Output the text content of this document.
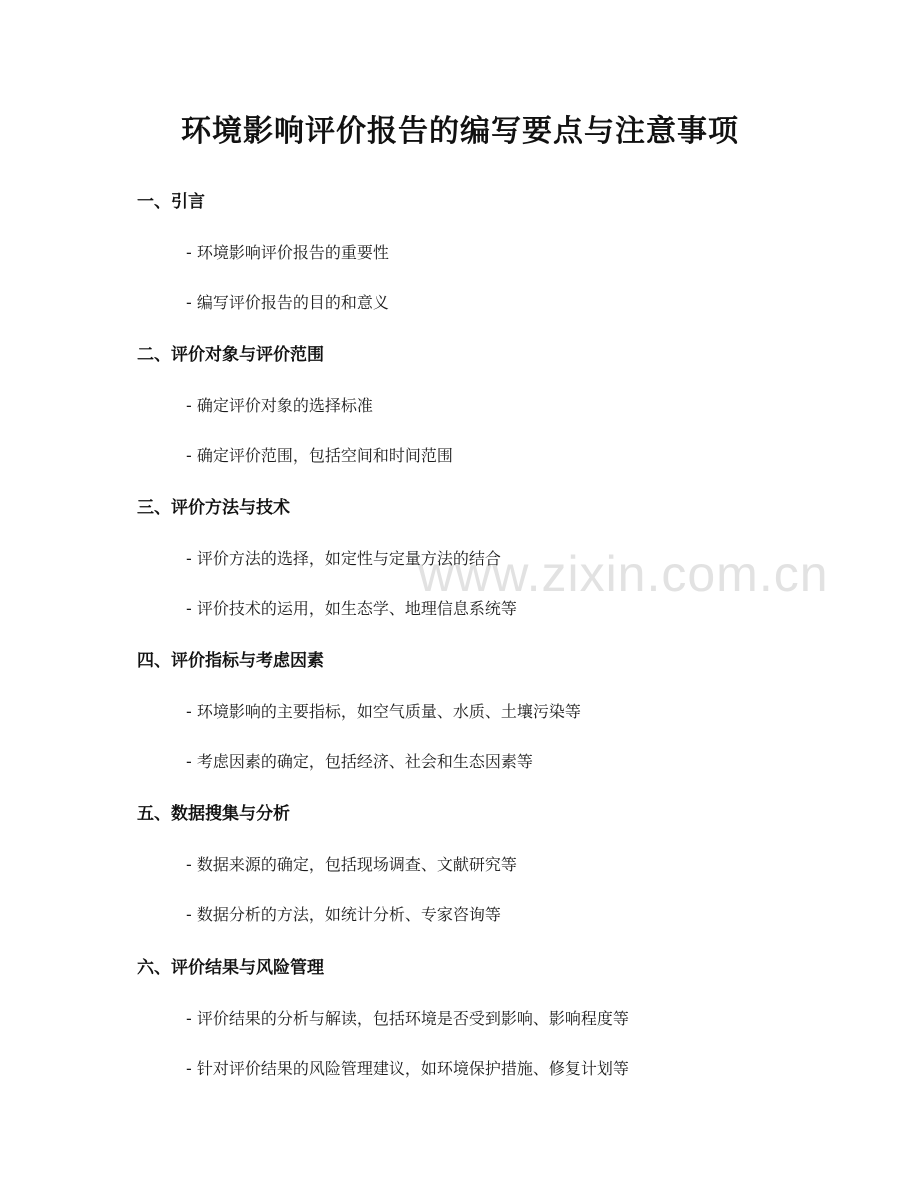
环境影响评价报告的编写要点与注意事项
www.zixin.com.cn
一、引言
- 环境影响评价报告的重要性
- 编写评价报告的目的和意义
二、评价对象与评价范围
- 确定评价对象的选择标准
- 确定评价范围，包括空间和时间范围
三、评价方法与技术
- 评价方法的选择，如定性与定量方法的结合
- 评价技术的运用，如生态学、地理信息系统等
四、评价指标与考虑因素
- 环境影响的主要指标，如空气质量、水质、土壤污染等
- 考虑因素的确定，包括经济、社会和生态因素等
五、数据搜集与分析
- 数据来源的确定，包括现场调查、文献研究等
- 数据分析的方法，如统计分析、专家咨询等
六、评价结果与风险管理
- 评价结果的分析与解读，包括环境是否受到影响、影响程度等
- 针对评价结果的风险管理建议，如环境保护措施、修复计划等
